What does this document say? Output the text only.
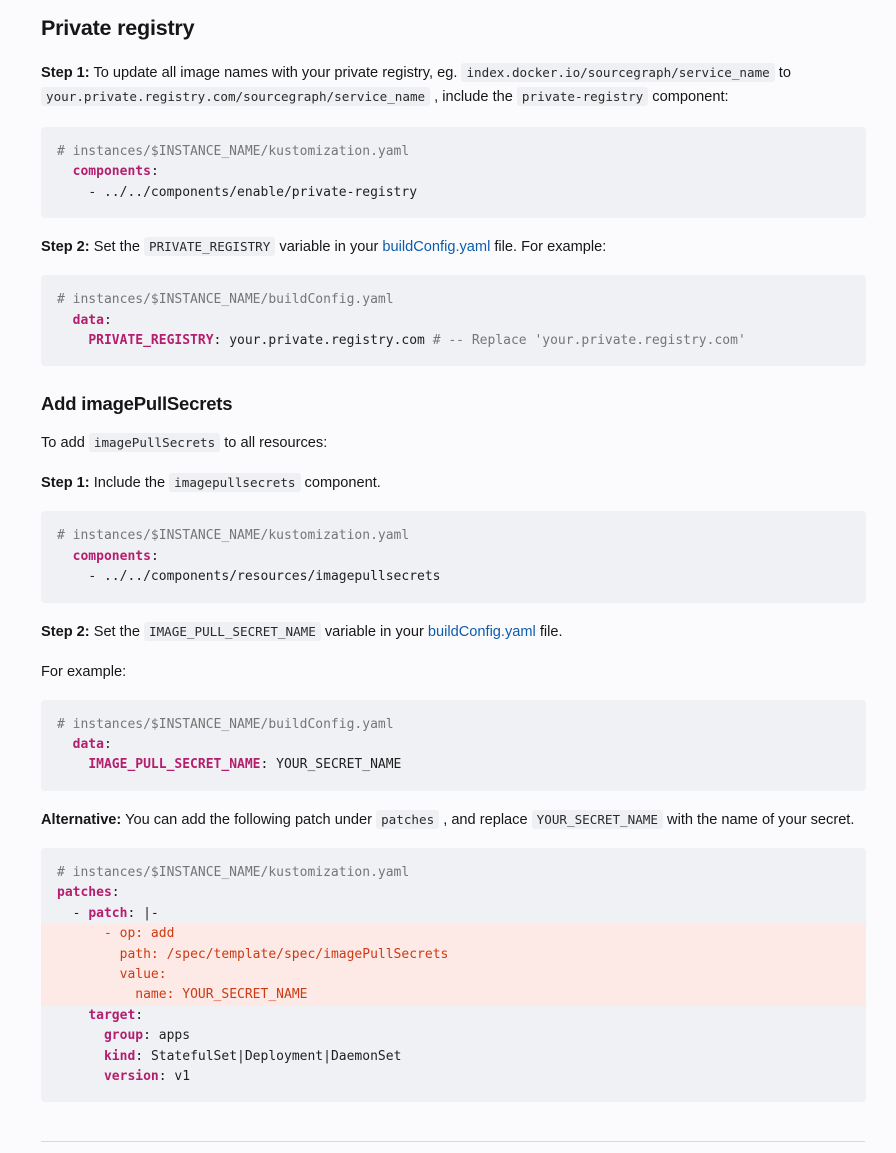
Private registry

Step 1: To update all image names with your private registry, eg. index.docker.io/sourcegraph/service_name to
your.private.registry.com/sourcegraph/service_name , include the private-registry component:

# instances/$INSTANCE_NAME/kustomization.yaml
components:
- ../../components/enable/private-registry

Step 2: Set the PRIVATE_REGISTRY variable in your buildConfig.yaml file. For example:

# instances/$INSTANCE_NAME/buildConfig.yaml
data:
PRIVATE_REGISTRY: your.private.registry.com # -- Replace 'your.private.registry.com'
Add imagePullSecrets

To add imagePullSecrets to all resources:

Step 1: Include the imagepullsecrets component.

# instances/$INSTANCE_NAME/kustomization.yaml
components:
- ../../components/resources/imagepullsecrets

Step 2: Set the IMAGE_PULL_SECRET_NAME variable in your buildConfig.yaml file.

For example:

# instances/$INSTANCE_NAME/buildConfig.yaml
data:
IMAGE_PULL_SECRET_NAME: YOUR_SECRET_NAME

Alternative: You can add the following patch under patches , and replace YOUR_SECRET_NAME with the name of your secret.

# instances/$INSTANCE_NAME/kustomization.yaml
patches:
- patch: |-
- op: add
path: /spec/template/spec/imagePullSecrets
value:
name: YOUR_SECRET_NAME
target:
group: apps
kind: StatefulSet|Deployment|DaemonSet
version: v1
